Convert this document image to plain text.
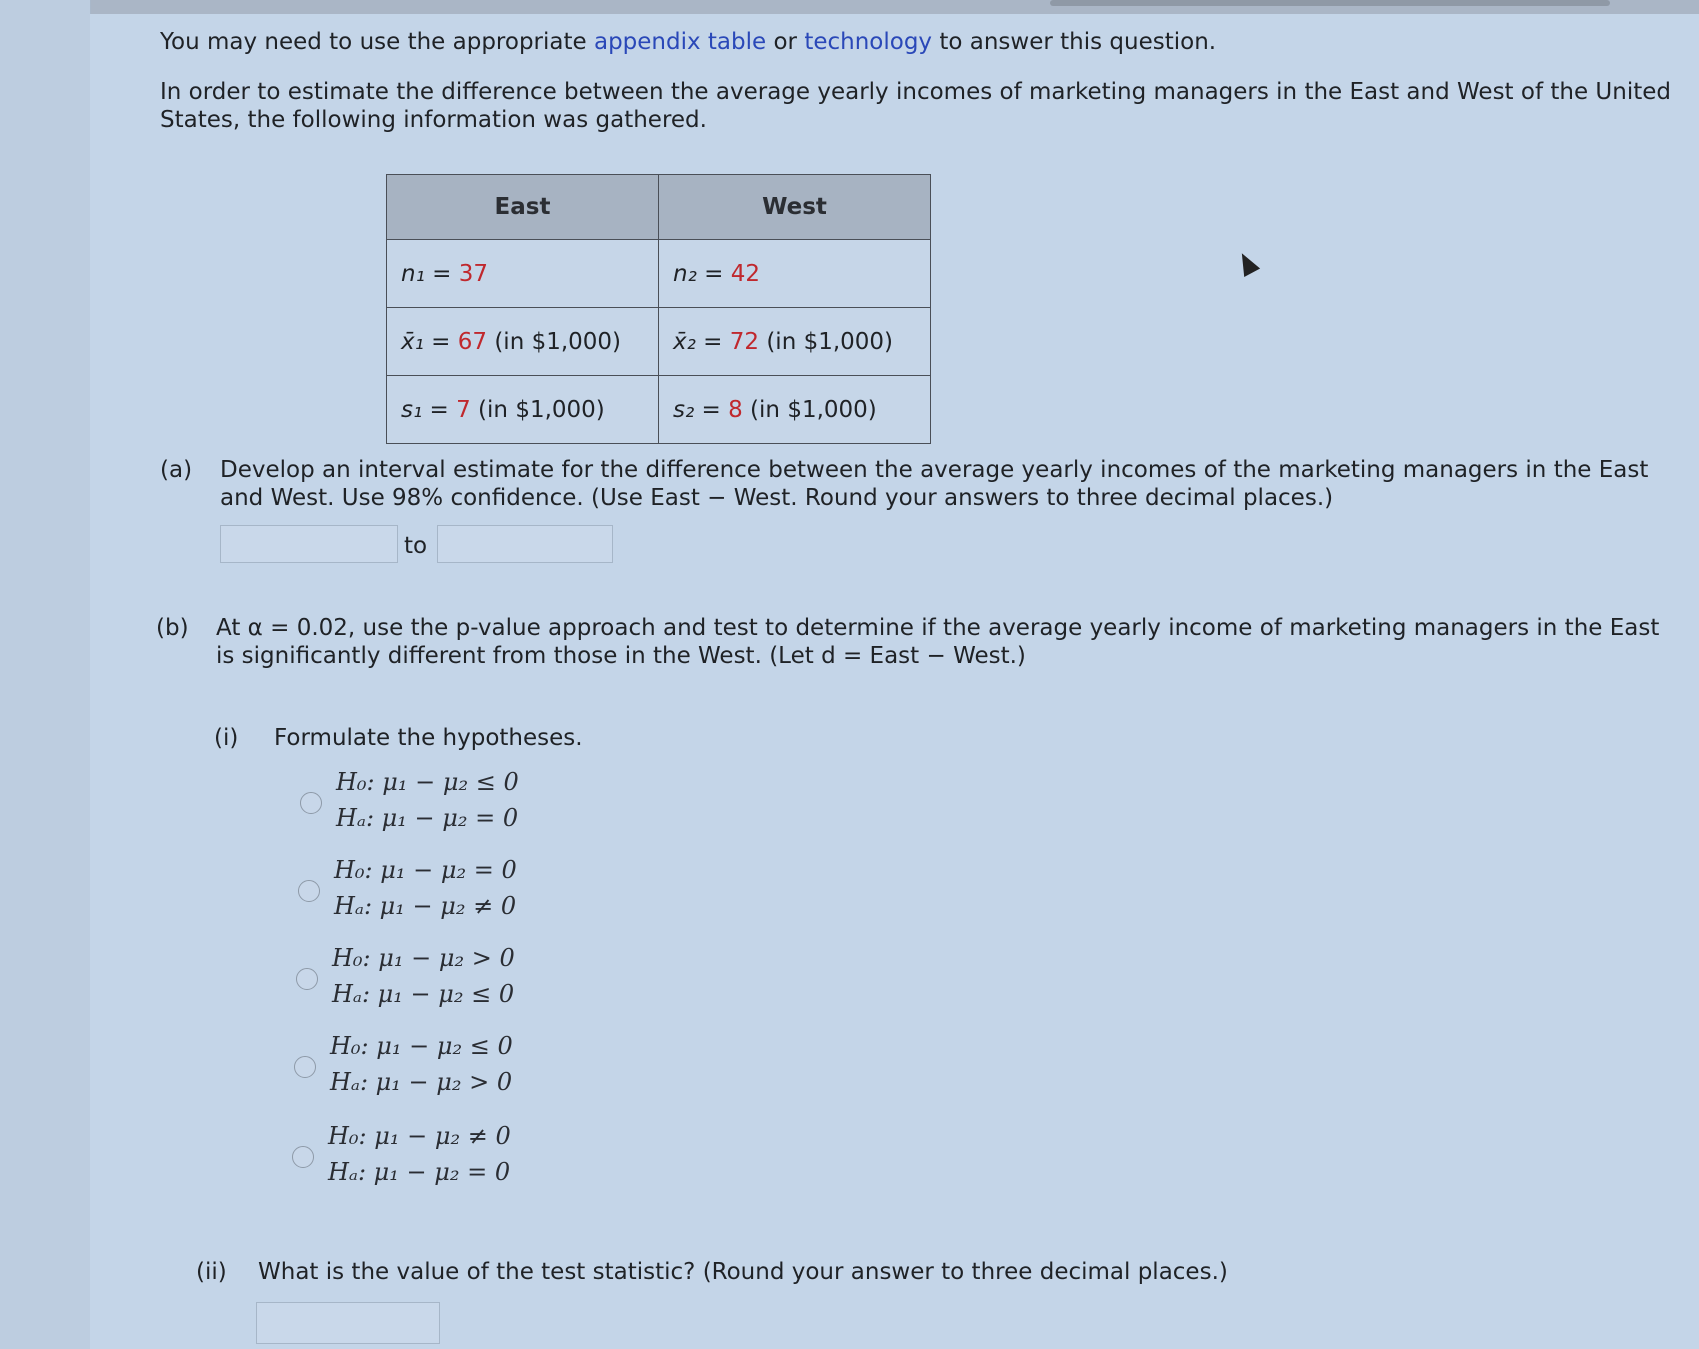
You may need to use the appropriate appendix table or technology to answer this question.
In order to estimate the difference between the average yearly incomes of marketing managers in the East and West of the United States, the following information was gathered.
East	West
n₁ = 37	n₂ = 42
x̄₁ = 67 (in $1,000)	x̄₂ = 72 (in $1,000)
s₁ = 7 (in $1,000)	s₂ = 8 (in $1,000)
(a) Develop an interval estimate for the difference between the average yearly incomes of the marketing managers in the East and West. Use 98% confidence. (Use East − West. Round your answers to three decimal places.)
to
(b) At α = 0.02, use the p-value approach and test to determine if the average yearly income of marketing managers in the East is significantly different from those in the West. (Let d = East − West.)
(i) Formulate the hypotheses.
H₀: μ₁ − μ₂ ≤ 0
Hₐ: μ₁ − μ₂ = 0
H₀: μ₁ − μ₂ = 0
Hₐ: μ₁ − μ₂ ≠ 0
H₀: μ₁ − μ₂ > 0
Hₐ: μ₁ − μ₂ ≤ 0
H₀: μ₁ − μ₂ ≤ 0
Hₐ: μ₁ − μ₂ > 0
H₀: μ₁ − μ₂ ≠ 0
Hₐ: μ₁ − μ₂ = 0
(ii) What is the value of the test statistic? (Round your answer to three decimal places.)
